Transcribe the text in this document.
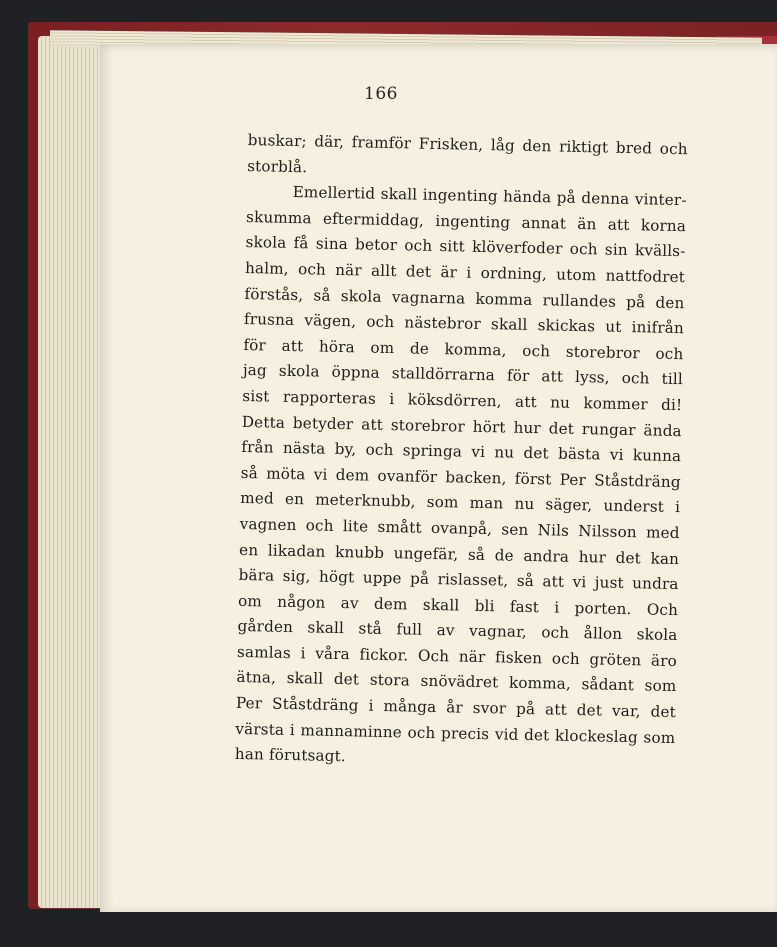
166
buskar; där, framför Frisken, låg den riktigt bred och
storblå.
Emellertid skall ingenting hända på denna vinter-
skumma eftermiddag, ingenting annat än att korna
skola få sina betor och sitt klöverfoder och sin kvälls-
halm, och när allt det är i ordning, utom nattfodret
förstås, så skola vagnarna komma rullandes på den
frusna vägen, och nästebror skall skickas ut inifrån
för att höra om de komma, och storebror och
jag skola öppna stalldörrarna för att lyss, och till
sist rapporteras i köksdörren, att nu kommer di!
Detta betyder att storebror hört hur det rungar ända
från nästa by, och springa vi nu det bästa vi kunna
så möta vi dem ovanför backen, först Per Ståstdräng
med en meterknubb, som man nu säger, underst i
vagnen och lite smått ovanpå, sen Nils Nilsson med
en likadan knubb ungefär, så de andra hur det kan
bära sig, högt uppe på rislasset, så att vi just undra
om någon av dem skall bli fast i porten. Och
gården skall stå full av vagnar, och ållon skola
samlas i våra fickor. Och när fisken och gröten äro
ätna, skall det stora snövädret komma, sådant som
Per Ståstdräng i många år svor på att det var, det
värsta i mannaminne och precis vid det klockeslag som
han förutsagt.
